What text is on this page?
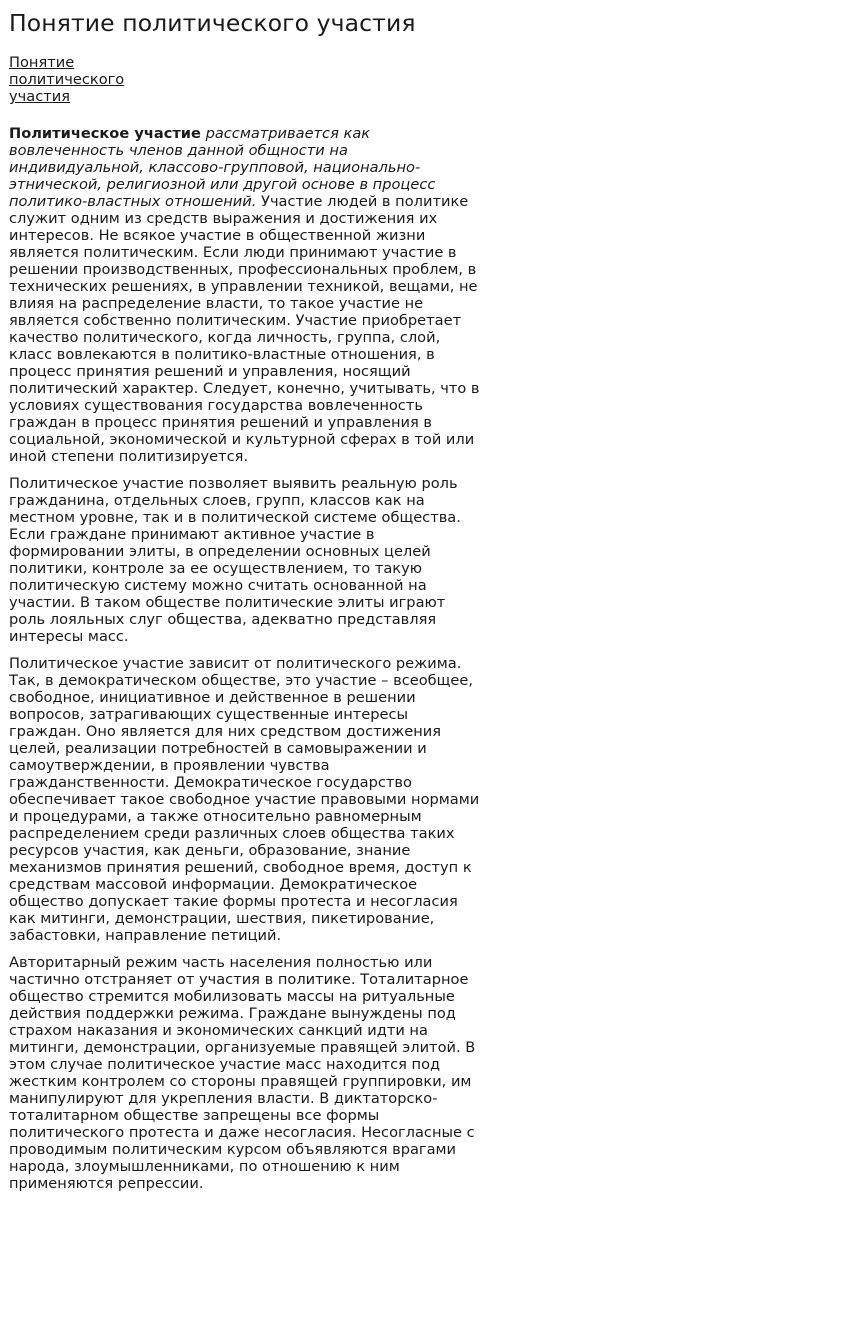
Понятие политического участия
Понятие политического участия

Политическое участие рассматривается как вовлеченность членов данной общности на индивидуальной, классово-групповой, национально-этнической, религиозной или другой основе в процесс политико-властных отношений. Участие людей в политике служит одним из средств выражения и достижения их интересов. Не всякое участие в общественной жизни является политическим. Если люди принимают участие в решении производственных, профессиональных проблем, в технических решениях, в управлении техникой, вещами, не влияя на распределение власти, то такое участие не является собственно политическим. Участие приобретает качество политического, когда личность, группа, слой, класс вовлекаются в политико-властные отношения, в процесс принятия решений и управления, носящий политический характер. Следует, конечно, учитывать, что в условиях существования государства вовлеченность граждан в процесс принятия решений и управления в социальной, экономической и культурной сферах в той или иной степени политизируется.

Политическое участие позволяет выявить реальную роль гражданина, отдельных слоев, групп, классов как на местном уровне, так и в политической системе общества. Если граждане принимают активное участие в формировании элиты, в определении основных целей политики, контроле за ее осуществлением, то такую политическую систему можно считать основанной на участии. В таком обществе политические элиты играют роль лояльных слуг общества, адекватно представляя интересы масс.

Политическое участие зависит от политического режима. Так, в демократическом обществе, это участие – всеобщее, свободное, инициативное и действенное в решении вопросов, затрагивающих существенные интересы граждан. Оно является для них средством достижения целей, реализации потребностей в самовыражении и самоутверждении, в проявлении чувства гражданственности. Демократическое государство обеспечивает такое свободное участие правовыми нормами и процедурами, а также относительно равномерным распределением среди различных слоев общества таких ресурсов участия, как деньги, образование, знание механизмов принятия решений, свободное время, доступ к средствам массовой информации. Демократическое общество допускает такие формы протеста и несогласия как митинги, демонстрации, шествия, пикетирование, забастовки, направление петиций.

Авторитарный режим часть населения полностью или частично отстраняет от участия в политике. Тоталитарное общество стремится мобилизовать массы на ритуальные действия поддержки режима. Граждане вынуждены под страхом наказания и экономических санкций идти на митинги, демонстрации, организуемые правящей элитой. В этом случае политическое участие масс находится под жестким контролем со стороны правящей группировки, им манипулируют для укрепления власти. В диктаторско-тоталитарном обществе запрещены все формы политического протеста и даже несогласия. Несогласные с проводимым политическим курсом объявляются врагами народа, злоумышленниками, по отношению к ним применяются репрессии.
